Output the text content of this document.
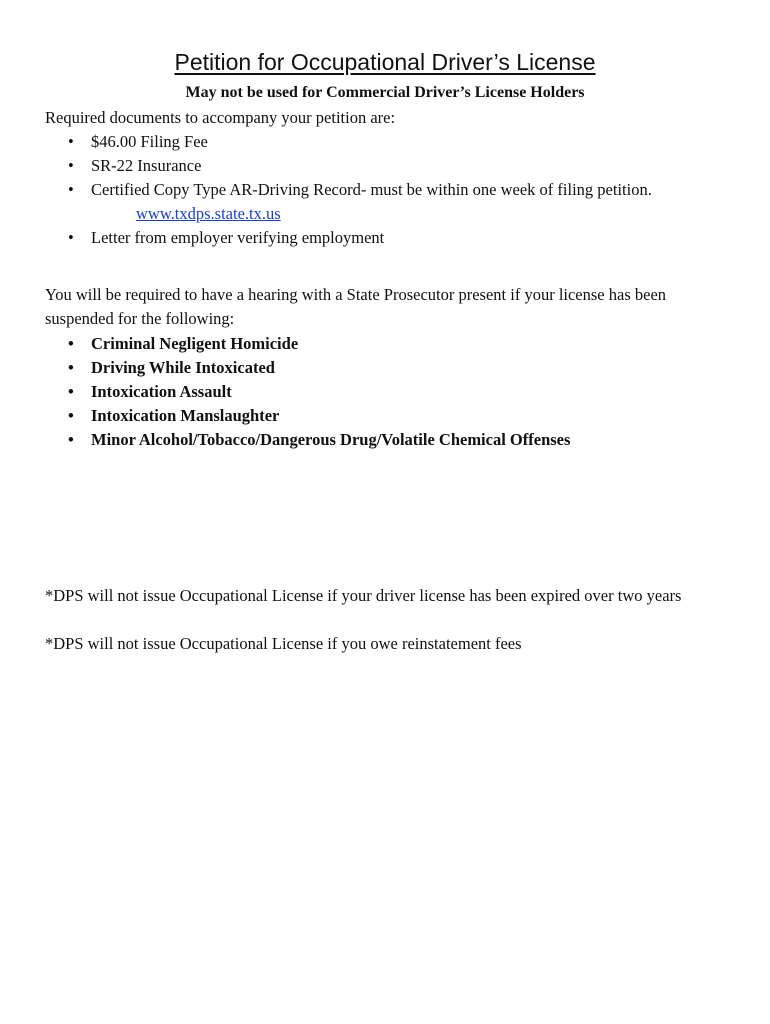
Petition for Occupational Driver’s License
May not be used for Commercial Driver’s License Holders
Required documents to accompany your petition are:
• $46.00 Filing Fee
• SR-22 Insurance
• Certified Copy Type AR-Driving Record- must be within one week of filing petition.
www.txdps.state.tx.us
• Letter from employer verifying employment
You will be required to have a hearing with a State Prosecutor present if your license has been suspended for the following:
• Criminal Negligent Homicide
• Driving While Intoxicated
• Intoxication Assault
• Intoxication Manslaughter
• Minor Alcohol/Tobacco/Dangerous Drug/Volatile Chemical Offenses
*DPS will not issue Occupational License if your driver license has been expired over two years
*DPS will not issue Occupational License if you owe reinstatement fees
